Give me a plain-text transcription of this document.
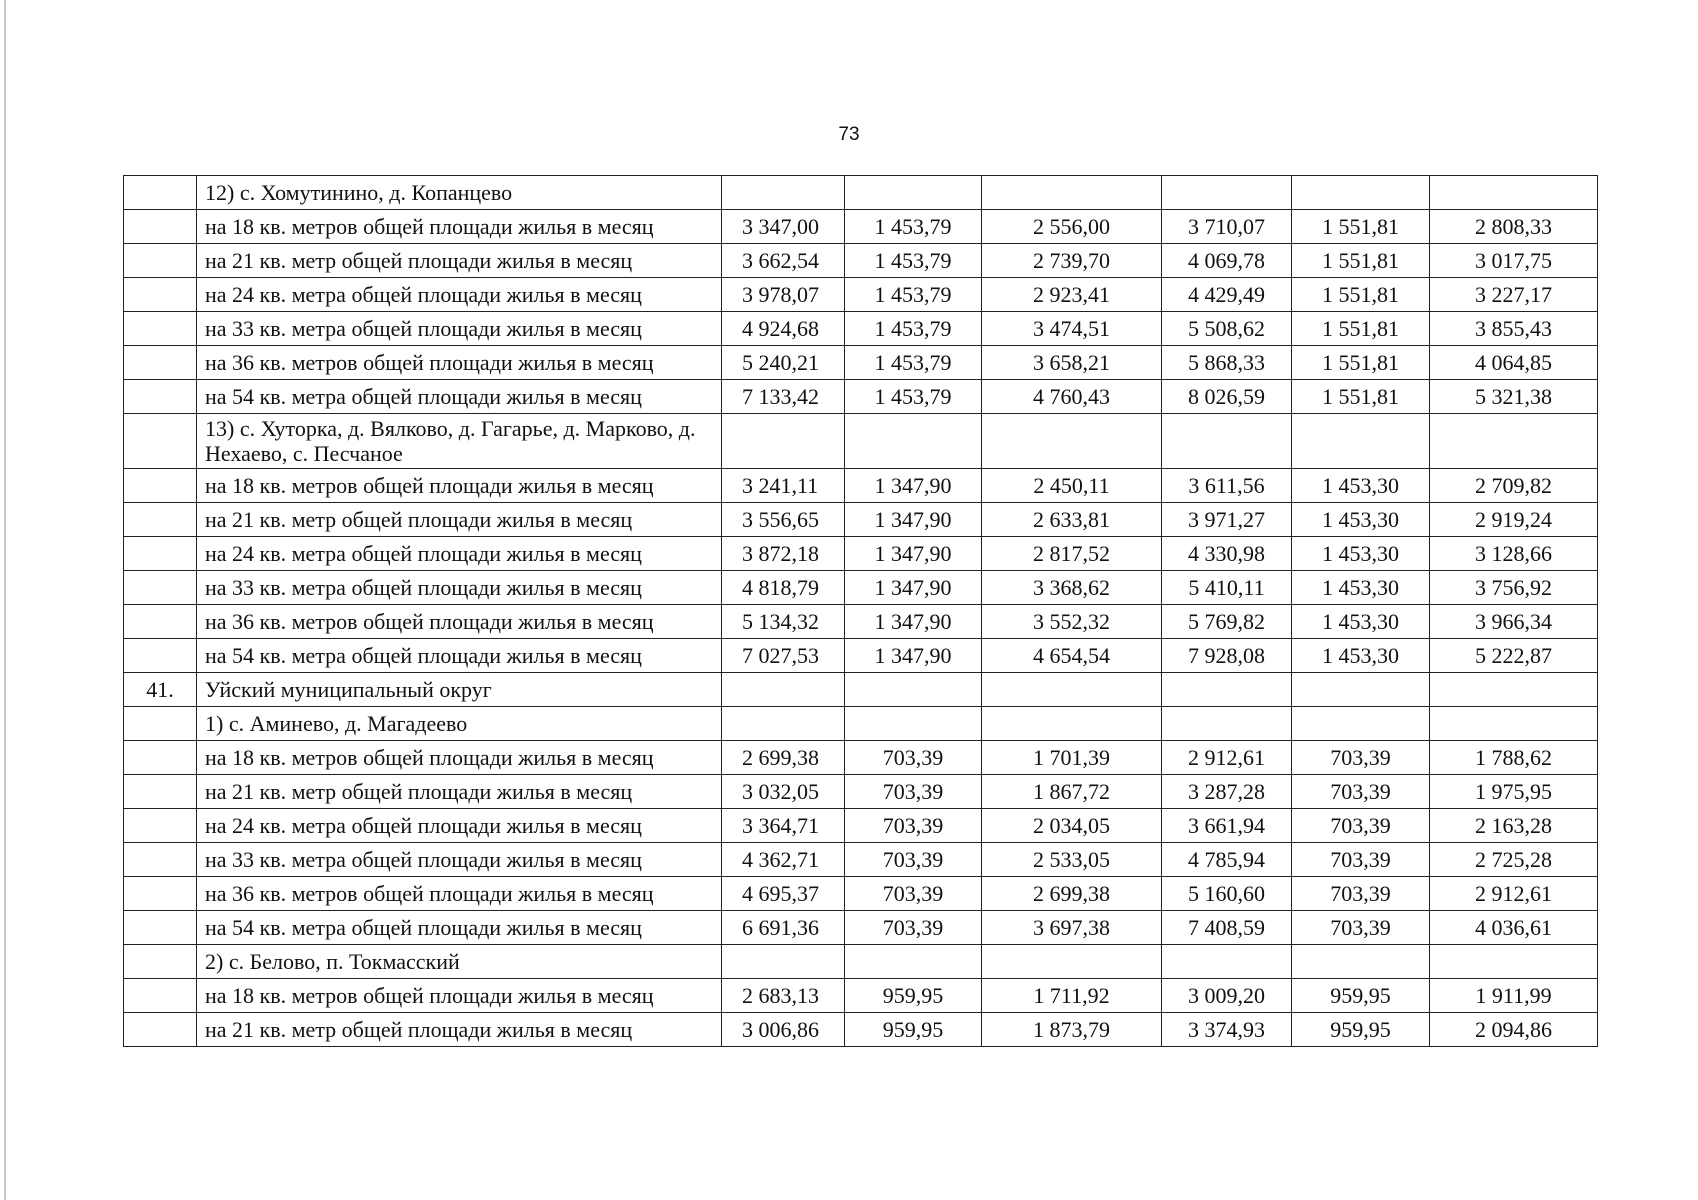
73
	12) с. Хомутинино, д. Копанцево						
	на 18 кв. метров общей площади жилья в месяц	3 347,00	1 453,79	2 556,00	3 710,07	1 551,81	2 808,33
	на 21 кв. метр общей площади жилья в месяц	3 662,54	1 453,79	2 739,70	4 069,78	1 551,81	3 017,75
	на 24 кв. метра общей площади жилья в месяц	3 978,07	1 453,79	2 923,41	4 429,49	1 551,81	3 227,17
	на 33 кв. метра общей площади жилья в месяц	4 924,68	1 453,79	3 474,51	5 508,62	1 551,81	3 855,43
	на 36 кв. метров общей площади жилья в месяц	5 240,21	1 453,79	3 658,21	5 868,33	1 551,81	4 064,85
	на 54 кв. метра общей площади жилья в месяц	7 133,42	1 453,79	4 760,43	8 026,59	1 551,81	5 321,38
	13) с. Хуторка, д. Вялково, д. Гагарье, д. Марково, д. Нехаево, с. Песчаное						
	на 18 кв. метров общей площади жилья в месяц	3 241,11	1 347,90	2 450,11	3 611,56	1 453,30	2 709,82
	на 21 кв. метр общей площади жилья в месяц	3 556,65	1 347,90	2 633,81	3 971,27	1 453,30	2 919,24
	на 24 кв. метра общей площади жилья в месяц	3 872,18	1 347,90	2 817,52	4 330,98	1 453,30	3 128,66
	на 33 кв. метра общей площади жилья в месяц	4 818,79	1 347,90	3 368,62	5 410,11	1 453,30	3 756,92
	на 36 кв. метров общей площади жилья в месяц	5 134,32	1 347,90	3 552,32	5 769,82	1 453,30	3 966,34
	на 54 кв. метра общей площади жилья в месяц	7 027,53	1 347,90	4 654,54	7 928,08	1 453,30	5 222,87
41.	Уйский муниципальный округ						
	1) с. Аминево, д. Магадеево						
	на 18 кв. метров общей площади жилья в месяц	2 699,38	703,39	1 701,39	2 912,61	703,39	1 788,62
	на 21 кв. метр общей площади жилья в месяц	3 032,05	703,39	1 867,72	3 287,28	703,39	1 975,95
	на 24 кв. метра общей площади жилья в месяц	3 364,71	703,39	2 034,05	3 661,94	703,39	2 163,28
	на 33 кв. метра общей площади жилья в месяц	4 362,71	703,39	2 533,05	4 785,94	703,39	2 725,28
	на 36 кв. метров общей площади жилья в месяц	4 695,37	703,39	2 699,38	5 160,60	703,39	2 912,61
	на 54 кв. метра общей площади жилья в месяц	6 691,36	703,39	3 697,38	7 408,59	703,39	4 036,61
	2) с. Белово, п. Токмасский						
	на 18 кв. метров общей площади жилья в месяц	2 683,13	959,95	1 711,92	3 009,20	959,95	1 911,99
	на 21 кв. метр общей площади жилья в месяц	3 006,86	959,95	1 873,79	3 374,93	959,95	2 094,86
